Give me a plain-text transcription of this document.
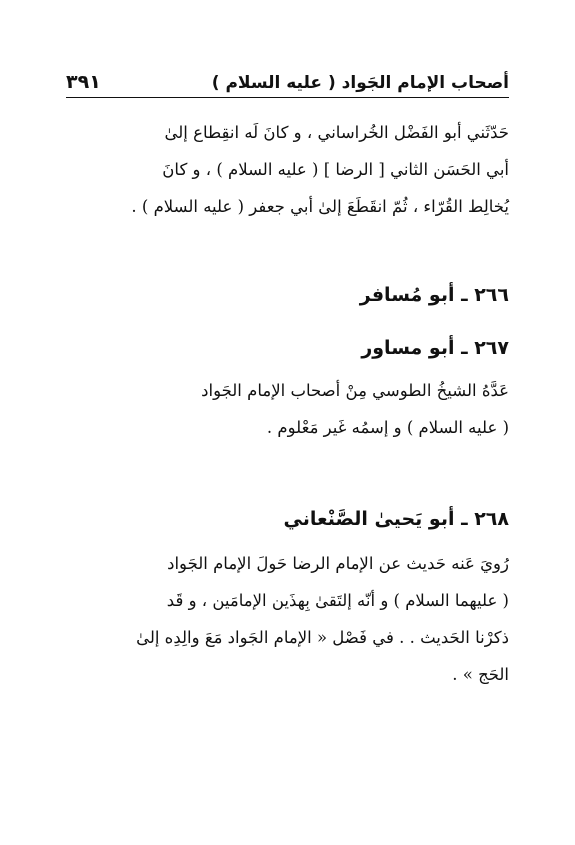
أصحاب الإمام الجَواد ( عليه السلام )
٣٩١

حَدّثَني أبو الفَضْل الخُراساني ، و كانَ لَه انقِطاع إلىٰ

أبي الحَسَن الثاني [ الرضا ] ( عليه السلام ) ، و كانَ

يُخالِط القُرّاء ، ثُمّ انقَطَعَ إلىٰ أبي جعفر ( عليه السلام ) .

٢٦٦ ـ أبو مُسافر
٢٦٧ ـ أبو مساور

عَدَّهُ الشيخُ الطوسي مِنْ أصحاب الإمام الجَواد

( عليه السلام ) و إسمُه غَير مَعْلوم .

٢٦٨ ـ أبو يَحيىٰ الصَّنْعاني

رُويَ عَنه حَديث عن الإمام الرضا حَولَ الإمام الجَواد

( عليهما السلام ) و أنّه إلتَقىٰ بِهذَين الإمامَين ، و قَد

ذكرْنا الحَديث . . في فَصْل « الإمام الجَواد مَعَ والِدِه إلىٰ

الحَج » .
